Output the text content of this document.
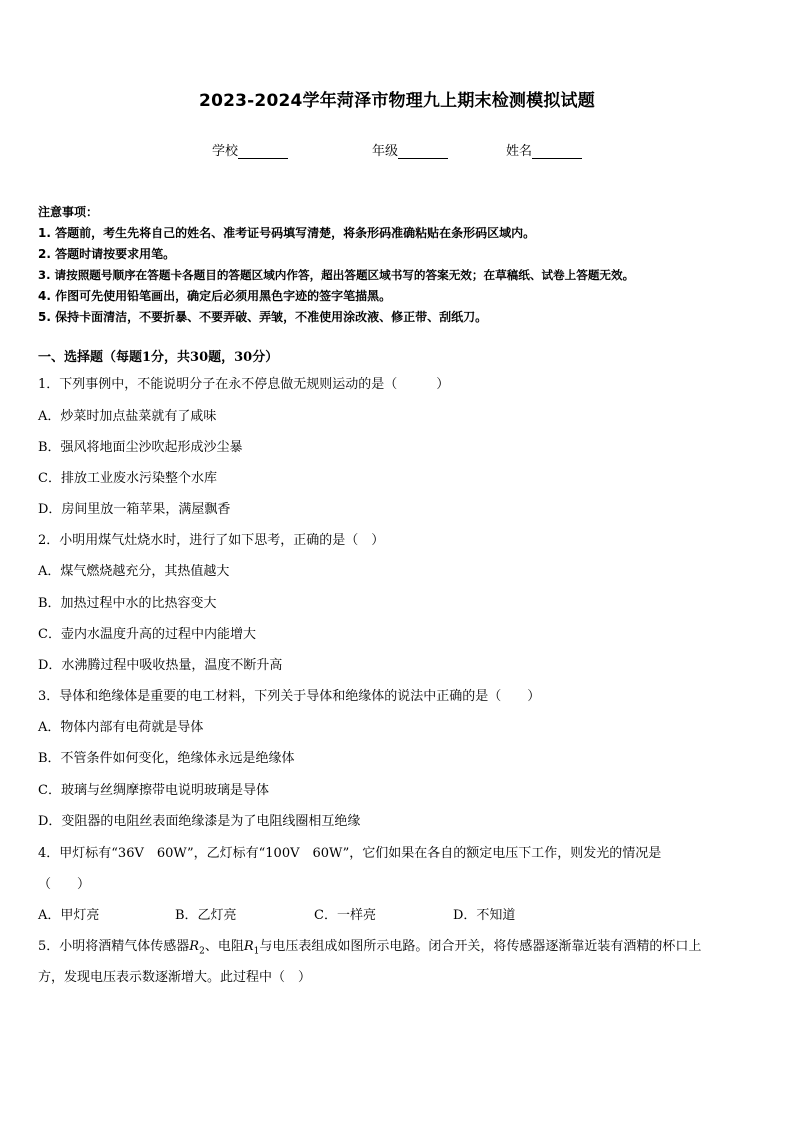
2023-2024学年菏泽市物理九上期末检测模拟试题
学校	年级	姓名
注意事项：
1. 答题前，考生先将自己的姓名、准考证号码填写清楚，将条形码准确粘贴在条形码区域内。
2. 答题时请按要求用笔。
3. 请按照题号顺序在答题卡各题目的答题区域内作答，超出答题区域书写的答案无效；在草稿纸、试卷上答题无效。
4. 作图可先使用铅笔画出，确定后必须用黑色字迹的签字笔描黑。
5. 保持卡面清洁，不要折暴、不要弄破、弄皱，不准使用涂改液、修正带、刮纸刀。
一、选择题（每题1分，共30题，30分）
1．下列事例中，不能说明分子在永不停息做无规则运动的是（　　　）
A．炒菜时加点盐菜就有了咸味
B．强风将地面尘沙吹起形成沙尘暴
C．排放工业废水污染整个水库
D．房间里放一箱苹果，满屋飘香
2．小明用煤气灶烧水时，进行了如下思考，正确的是（　）
A．煤气燃烧越充分，其热值越大
B．加热过程中水的比热容变大
C．壶内水温度升高的过程中内能增大
D．水沸腾过程中吸收热量，温度不断升高
3．导体和绝缘体是重要的电工材料，下列关于导体和绝缘体的说法中正确的是（　　）
A．物体内部有电荷就是导体
B．不管条件如何变化，绝缘体永远是绝缘体
C．玻璃与丝绸摩擦带电说明玻璃是导体
D．变阻器的电阻丝表面绝缘漆是为了电阻线圈相互绝缘
4．甲灯标有“36V　60W”，乙灯标有“100V　60W”，它们如果在各自的额定电压下工作，则发光的情况是
（　　）
A．甲灯亮	B．乙灯亮	C．一样亮	D．不知道
5．小明将酒精气体传感器$R_2$、电阻$R_1$与电压表组成如图所示电路。闭合开关，将传感器逐渐靠近装有酒精的杯口上
方，发现电压表示数逐渐增大。此过程中（　）
